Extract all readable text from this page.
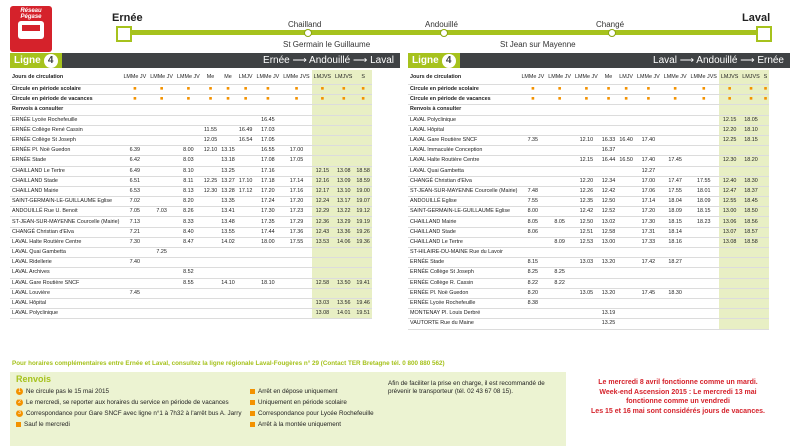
Réseau Pégase	Ernée	Laval
Chailland	Andouillé	Changé
St Germain le Guillaume	St Jean sur Mayenne
Ligne 4	Ernée ⟶ Andouillé ⟶ Laval
Jours de circulation	LMMe JV	LMMe JV	LMMe JV	Me	Me	LMJV	LMMe JV	LMMe JVS	LMJVS	LMJVS	S
Circule en période scolaire	■	■	■	■	■	■	■	■	■	■	■
Circule en période de vacances	■	■	■	■	■	■	■	■	■	■	■
Renvois à consulter											
ERNÉE Lycée Rochefeuille							16.45				
ERNÉE Collège René Cassin				11.55		16.49	17.03				
ERNÉE Collège St Joseph				12.05		16.54	17.05				
ERNÉE Pl. Noë Guedon	6.39		8.00	12.10	13.15		16.55	17.00			
ERNÉE Stade	6.42		8.03		13.18		17.08	17.05			
CHAILLAND Le Tertre	6.49		8.10		13.25		17.16		12.15	13.08	18.58
CHAILLAND Stade	6.51		8.11	12.25	13.27	17.10	17.18	17.14	12.16	13.09	18.59
CHAILLAND Mairie	6.53		8.13	12.30	13.28	17.12	17.20	17.16	12.17	13.10	19.00
SAINT-GERMAIN-LE-GUILLAUME Eglise	7.02		8.20		13.35		17.24	17.20	12.24	13.17	19.07
ANDOUILLÉ Rue U. Benoit	7.05	7.03	8.26		13.41		17.30	17.23	12.29	13.22	19.12
ST-JEAN-SUR-MAYENNE Courcelle (Mairie)	7.13		8.33		13.48		17.35	17.29	12.36	13.29	19.19
CHANGÉ Christian d'Elva	7.21		8.40		13.55		17.44	17.36	12.43	13.36	19.26
LAVAL Halte Routière Centre	7.30		8.47		14.02		18.00	17.55	13.53	14.06	19.36
LAVAL Quai Gambetta		7.25									
LAVAL Ridellerie	7.40										
LAVAL Archives			8.52								
LAVAL Gare Routière SNCF			8.55		14.10		18.10		12.58	13.50	19.41
LAVAL Louvière	7.45										
LAVAL Hôpital									13.03	13.56	19.46
LAVAL Polyclinique									13.08	14.01	19.51
Ligne 4	Laval ⟶ Andouillé ⟶ Ernée
Jours de circulation	LMMe JV	LMMe JV	LMMe JV	Me	LMJV	LMMe JV	LMMe JV	LMMe JVS	LMJVS	LMJVS	S
Circule en période scolaire	■	■	■	■	■	■	■	■	■	■	■
Circule en période de vacances	■	■	■	■	■	■	■	■	■	■	■
Renvois à consulter											
LAVAL Polyclinique									12.15	18.05	
LAVAL Hôpital									12.20	18.10	
LAVAL Gare Routière SNCF	7.35		12.10	16.33	16.40	17.40			12.25	18.15	
LAVAL Immaculée Conception				16.37							
LAVAL Halte Routière Centre			12.15	16.44	16.50	17.40	17.45		12.30	18.20	
LAVAL Quai Gambetta						12.27					
CHANGÉ Christian d'Elva			12.20	12.34		17.00	17.47	17.55	12.40	18.30	
ST-JEAN-SUR-MAYENNE Courcelle (Mairie)	7.48		12.26	12.42		17.06	17.55	18.01	12.47	18.37	
ANDOUILLÉ Eglise	7.55		12.35	12.50		17.14	18.04	18.09	12.55	18.45	
SAINT-GERMAIN-LE-GUILLAUME Eglise	8.00		12.42	12.52		17.20	18.09	18.15	13.00	18.50	
CHAILLAND Mairie	8.05	8.05	12.50	13.02		17.30	18.15	18.23	13.06	18.56	
CHAILLAND Stade	8.06		12.51	12.58		17.31	18.14		13.07	18.57	
CHAILLAND Le Tertre		8.09	12.53	13.00		17.33	18.16		13.08	18.58	
ST-HILAIRE-DU-MAINE Rue du Lavoir											
ERNÉE Stade	8.15		13.03	13.20		17.42	18.27				
ERNÉE Collège St Joseph	8.25	8.25									
ERNÉE Collège R. Cassin	8.22	8.22									
ERNÉE Pl. Noë Guedon	8.20		13.05	13.20		17.45	18.30				
ERNÉE Lycée Rochefeuille	8.38										
MONTENAY Pl. Louis Derbré				13.19							
VAUTORTE Rue du Maine				13.25							
Pour horaires complémentaires entre Ernée et Laval, consultez la ligne régionale Laval-Fougères n° 29 (Contact TER Bretagne tél. 0 800 880 562)
Renvois
1 Ne circule pas le 15 mai 2015
2 Le mercredi, se reporter aux horaires du service en période de vacances
3 Correspondance pour Gare SNCF avec ligne n°1 à 7h32 à l'arrêt bus A. Jarry
Sauf le mercredi
Arrêt en dépose uniquement
Uniquement en période scolaire
Correspondance pour Lycée Rochefeuille
Arrêt à la montée uniquement
Afin de faciliter la prise en charge, il est recommandé de prévenir le transporteur (tél. 02 43 67 08 15).
Le mercredi 8 avril fonctionne comme un mardi.
Week-end Ascension 2015 : Le mercredi 13 mai
fonctionne comme un vendredi
Les 15 et 16 mai sont considérés jours de vacances.
